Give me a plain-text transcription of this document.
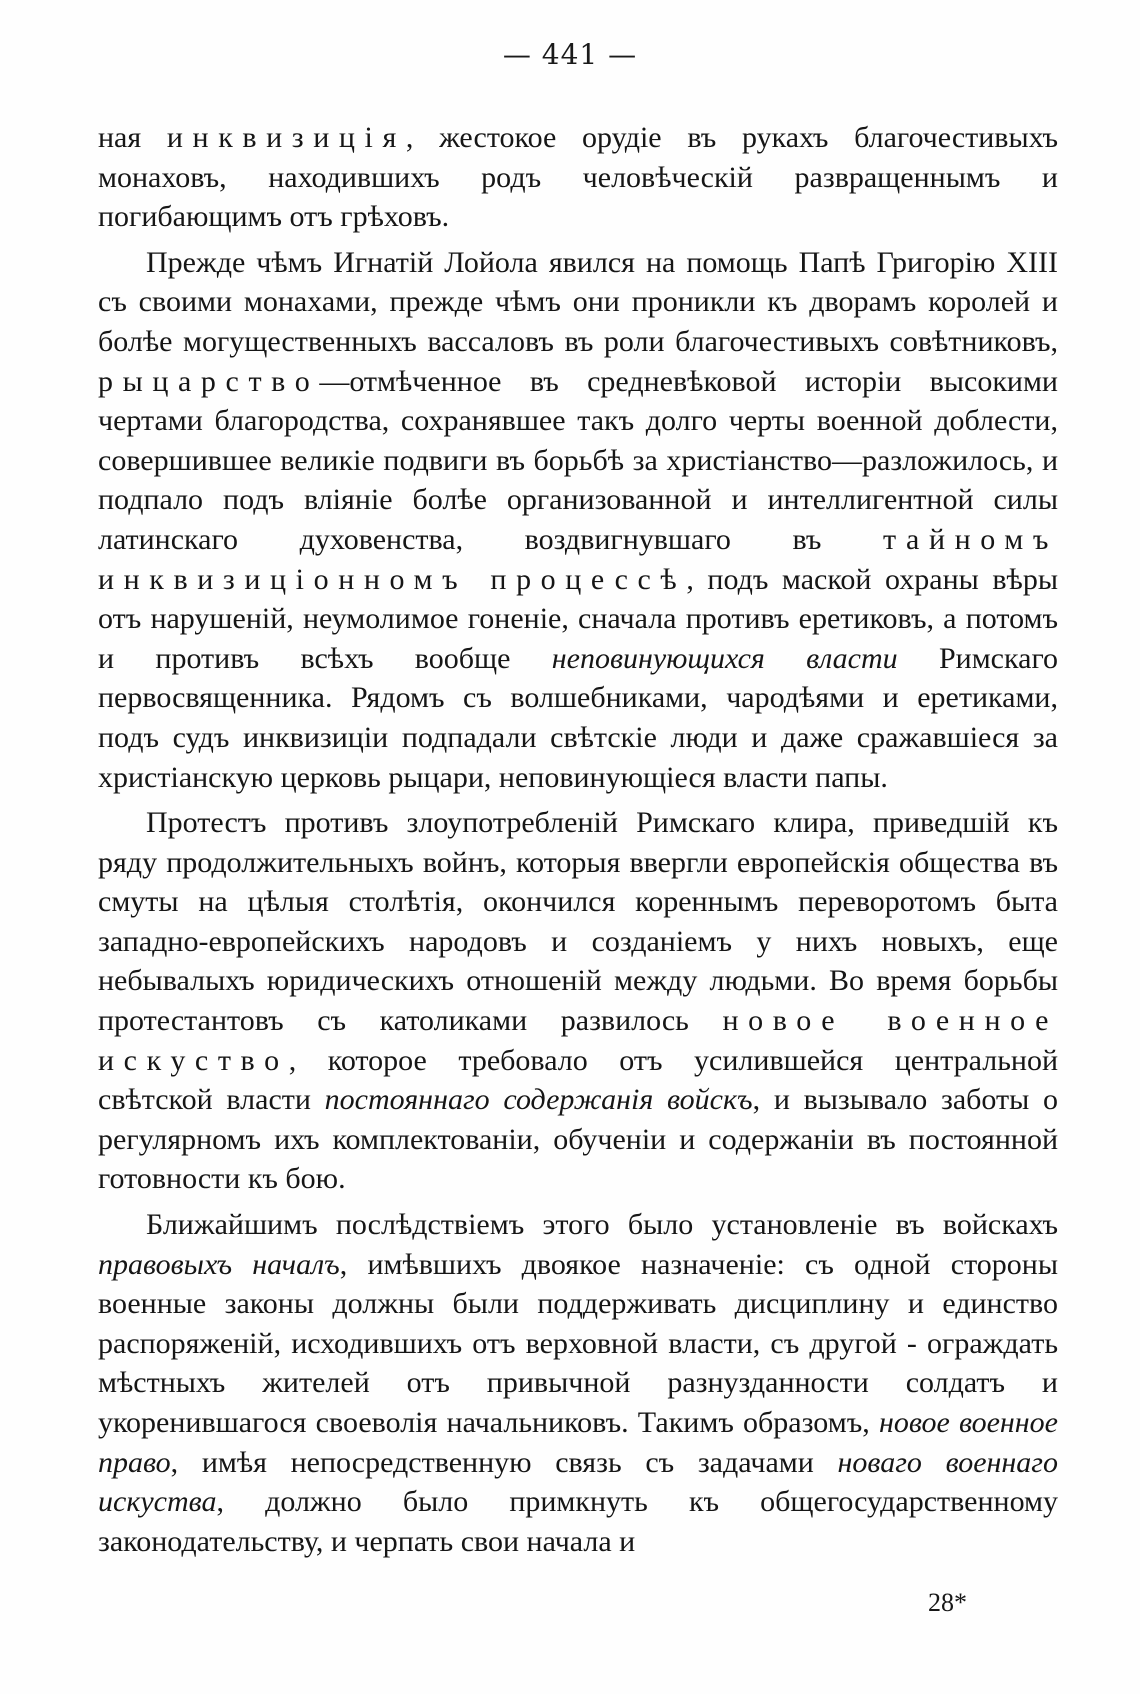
— 441 —

ная инквизиція, жестокое орудіе въ рукахъ благочестивыхъ монаховъ, находившихъ родъ человѣческій развращеннымъ и погибающимъ отъ грѣховъ.

Прежде чѣмъ Игнатій Лойола явился на помощь Папѣ Григорію XIII съ своими монахами, прежде чѣмъ они проникли къ дворамъ королей и болѣе могущественныхъ вассаловъ въ роли благочестивыхъ совѣтниковъ, рыцарство—отмѣченное въ средневѣковой исторіи высокими чертами благородства, сохранявшее такъ долго черты военной доблести, совершившее великіе подвиги въ борьбѣ за христіанство—разложилось, и подпало подъ вліяніе болѣе организованной и интеллигентной силы латинскаго духовенства, воздвигнувшаго въ тайномъ инквизиціонномъ процессѣ, подъ маской охраны вѣры отъ нарушеній, неумолимое гоненіе, сначала противъ еретиковъ, а потомъ и противъ всѣхъ вообще неповинующихся власти Римскаго первосвященника. Рядомъ съ волшебниками, чародѣями и еретиками, подъ судъ инквизиціи подпадали свѣтскіе люди и даже сражавшіеся за христіанскую церковь рыцари, неповинующіеся власти папы.

Протестъ противъ злоупотребленій Римскаго клира, приведшій къ ряду продолжительныхъ войнъ, которыя ввергли европейскія общества въ смуты на цѣлыя столѣтія, окончился кореннымъ переворотомъ быта западно-европейскихъ народовъ и созданіемъ у нихъ новыхъ, еще небывалыхъ юридическихъ отношеній между людьми. Во время борьбы протестантовъ съ католиками развилось новое военное искуство, которое требовало отъ усилившейся центральной свѣтской власти постояннаго содержанія войскъ, и вызывало заботы о регулярномъ ихъ комплектованіи, обученіи и содержаніи въ постоянной готовности къ бою.

Ближайшимъ послѣдствіемъ этого было установленіе въ войскахъ правовыхъ началъ, имѣвшихъ двоякое назначеніе: съ одной стороны военные законы должны были поддерживать дисциплину и единство распоряженій, исходившихъ отъ верховной власти, съ другой - ограждать мѣстныхъ жителей отъ привычной разнузданности солдатъ и укоренившагося своеволія начальниковъ. Такимъ образомъ, новое военное право, имѣя непосредственную связь съ задачами новаго военнаго искуства, должно было примкнуть къ общегосударственному законодательству, и черпать свои начала и

28*
